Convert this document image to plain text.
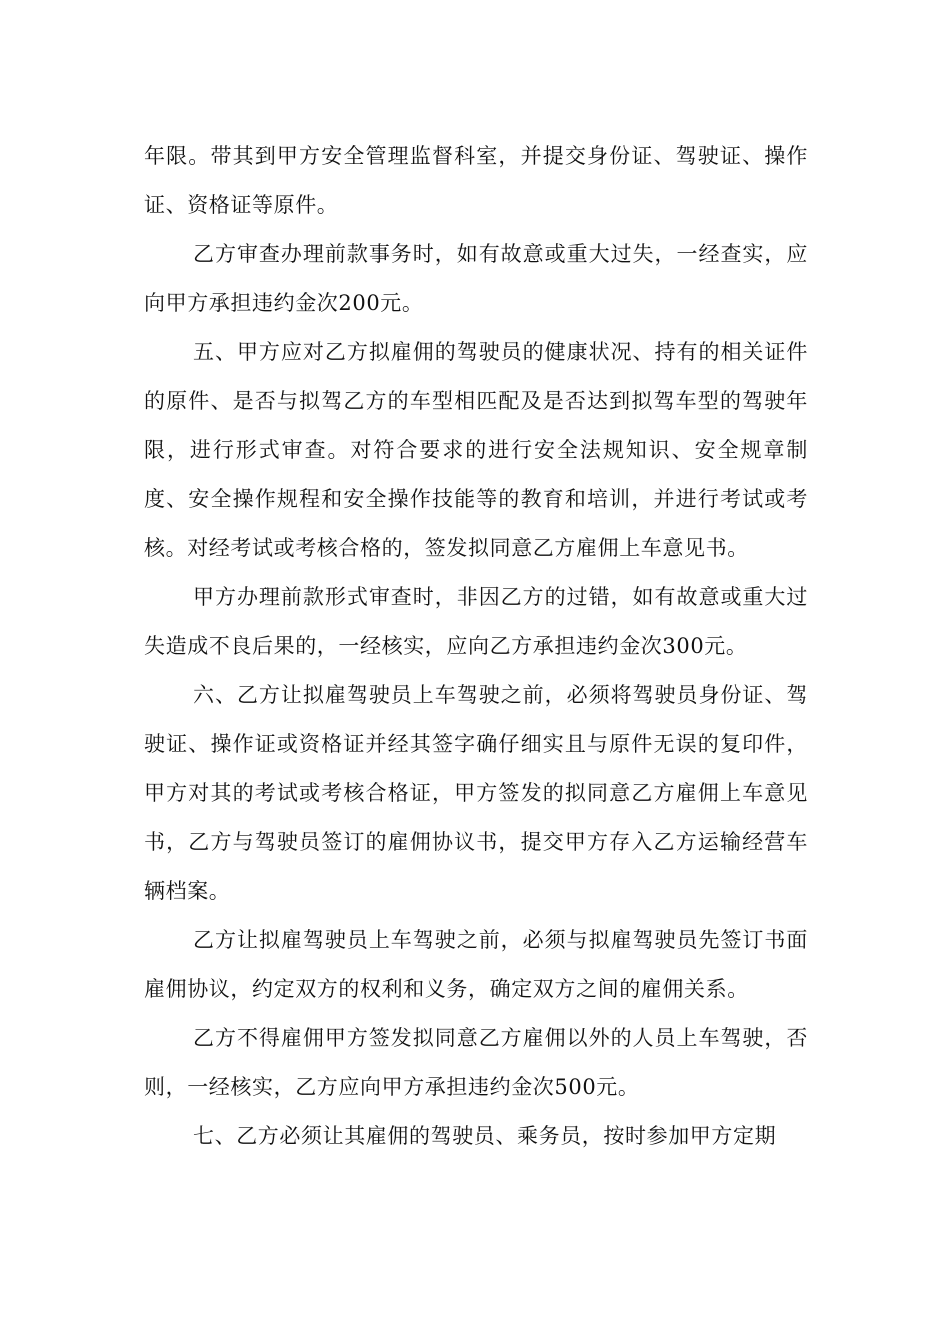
年限。带其到甲方安全管理监督科室，并提交身份证、驾驶证、操作证、资格证等原件。

乙方审查办理前款事务时，如有故意或重大过失，一经查实，应向甲方承担违约金次200元。

五、甲方应对乙方拟雇佣的驾驶员的健康状况、持有的相关证件的原件、是否与拟驾乙方的车型相匹配及是否达到拟驾车型的驾驶年限，进行形式审查。对符合要求的进行安全法规知识、安全规章制度、安全操作规程和安全操作技能等的教育和培训，并进行考试或考核。对经考试或考核合格的，签发拟同意乙方雇佣上车意见书。

甲方办理前款形式审查时，非因乙方的过错，如有故意或重大过失造成不良后果的，一经核实，应向乙方承担违约金次300元。

六、乙方让拟雇驾驶员上车驾驶之前，必须将驾驶员身份证、驾驶证、操作证或资格证并经其签字确仔细实且与原件无误的复印件，甲方对其的考试或考核合格证，甲方签发的拟同意乙方雇佣上车意见书，乙方与驾驶员签订的雇佣协议书，提交甲方存入乙方运输经营车辆档案。

乙方让拟雇驾驶员上车驾驶之前，必须与拟雇驾驶员先签订书面雇佣协议，约定双方的权利和义务，确定双方之间的雇佣关系。

乙方不得雇佣甲方签发拟同意乙方雇佣以外的人员上车驾驶，否则，一经核实，乙方应向甲方承担违约金次500元。

七、乙方必须让其雇佣的驾驶员、乘务员，按时参加甲方定期
